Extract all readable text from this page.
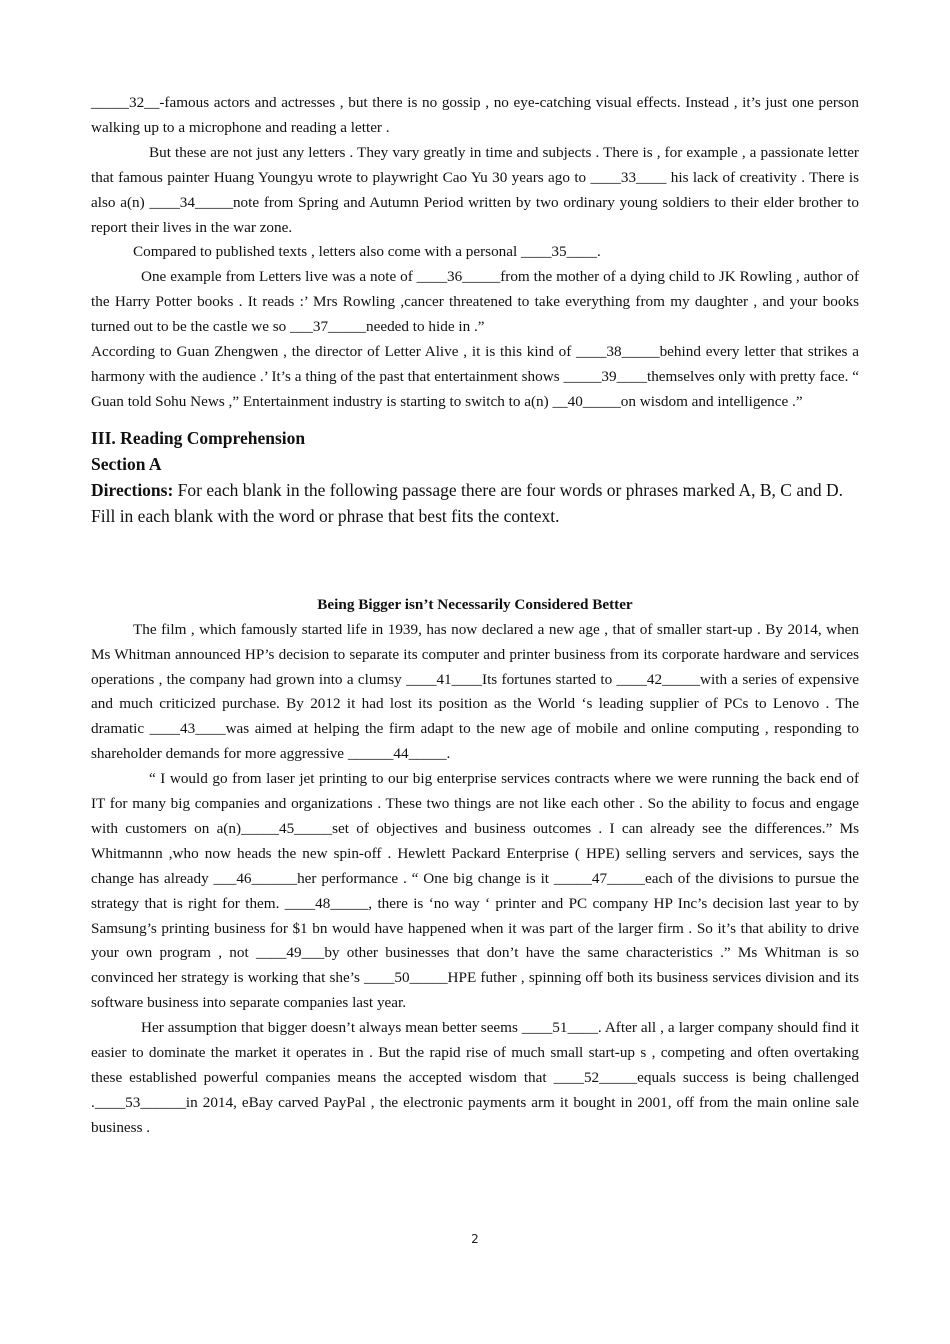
_____32__-famous actors and actresses , but there is no gossip , no eye-catching visual effects. Instead , it’s just one person walking up to a microphone and reading a letter .

But these are not just any letters . They vary greatly in time and subjects . There is , for example , a passionate letter that famous painter Huang Youngyu wrote to playwright Cao Yu 30 years ago to ____33____ his lack of creativity . There is also a(n) ____34_____note from Spring and Autumn Period written by two ordinary young soldiers to their elder brother to report their lives in the war zone.

Compared to published texts , letters also come with a personal ____35____.

One example from Letters live was a note of ____36_____from the mother of a dying child to JK Rowling , author of the Harry Potter books . It reads :’ Mrs Rowling ,cancer threatened to take everything from my daughter , and your books turned out to be the castle we so ___37_____needed to hide in .”

According to Guan Zhengwen , the director of Letter Alive , it is this kind of ____38_____behind every letter that strikes a harmony with the audience .’ It’s a thing of the past that entertainment shows _____39____themselves only with pretty face. “ Guan told Sohu News ,” Entertainment industry is starting to switch to a(n) __40_____on wisdom and intelligence .”

III. Reading Comprehension

Section A

Directions: For each blank in the following passage there are four words or phrases marked A, B, C and D. Fill in each blank with the word or phrase that best fits the context.

Being Bigger isn’t Necessarily Considered Better

The film , which famously started life in 1939, has now declared a new age , that of smaller start-up . By 2014, when Ms Whitman announced HP’s decision to separate its computer and printer business from its corporate hardware and services operations , the company had grown into a clumsy ____41____Its fortunes started to ____42_____with a series of expensive and much criticized purchase. By 2012 it had lost its position as the World ‘s leading supplier of PCs to Lenovo . The dramatic ____43____was aimed at helping the firm adapt to the new age of mobile and online computing , responding to shareholder demands for more aggressive ______44_____.

“ I would go from laser jet printing to our big enterprise services contracts where we were running the back end of IT for many big companies and organizations . These two things are not like each other . So the ability to focus and engage with customers on a(n)_____45_____set of objectives and business outcomes . I can already see the differences.” Ms Whitmannn ,who now heads the new spin-off . Hewlett Packard Enterprise ( HPE) selling servers and services, says the change has already ___46______her performance . “ One big change is it _____47_____each of the divisions to pursue the strategy that is right for them. ____48_____, there is ‘no way ‘ printer and PC company HP Inc’s decision last year to by Samsung’s printing business for $1 bn would have happened when it was part of the larger firm . So it’s that ability to drive your own program , not ____49___by other businesses that don’t have the same characteristics .” Ms Whitman is so convinced her strategy is working that she’s ____50_____HPE futher , spinning off both its business services division and its software business into separate companies last year.

Her assumption that bigger doesn’t always mean better seems ____51____. After all , a larger company should find it easier to dominate the market it operates in . But the rapid rise of much small start-up s , competing and often overtaking these established powerful companies means the accepted wisdom that ____52_____equals success is being challenged .____53______in 2014, eBay carved PayPal , the electronic payments arm it bought in 2001, off from the main online sale business .

2
